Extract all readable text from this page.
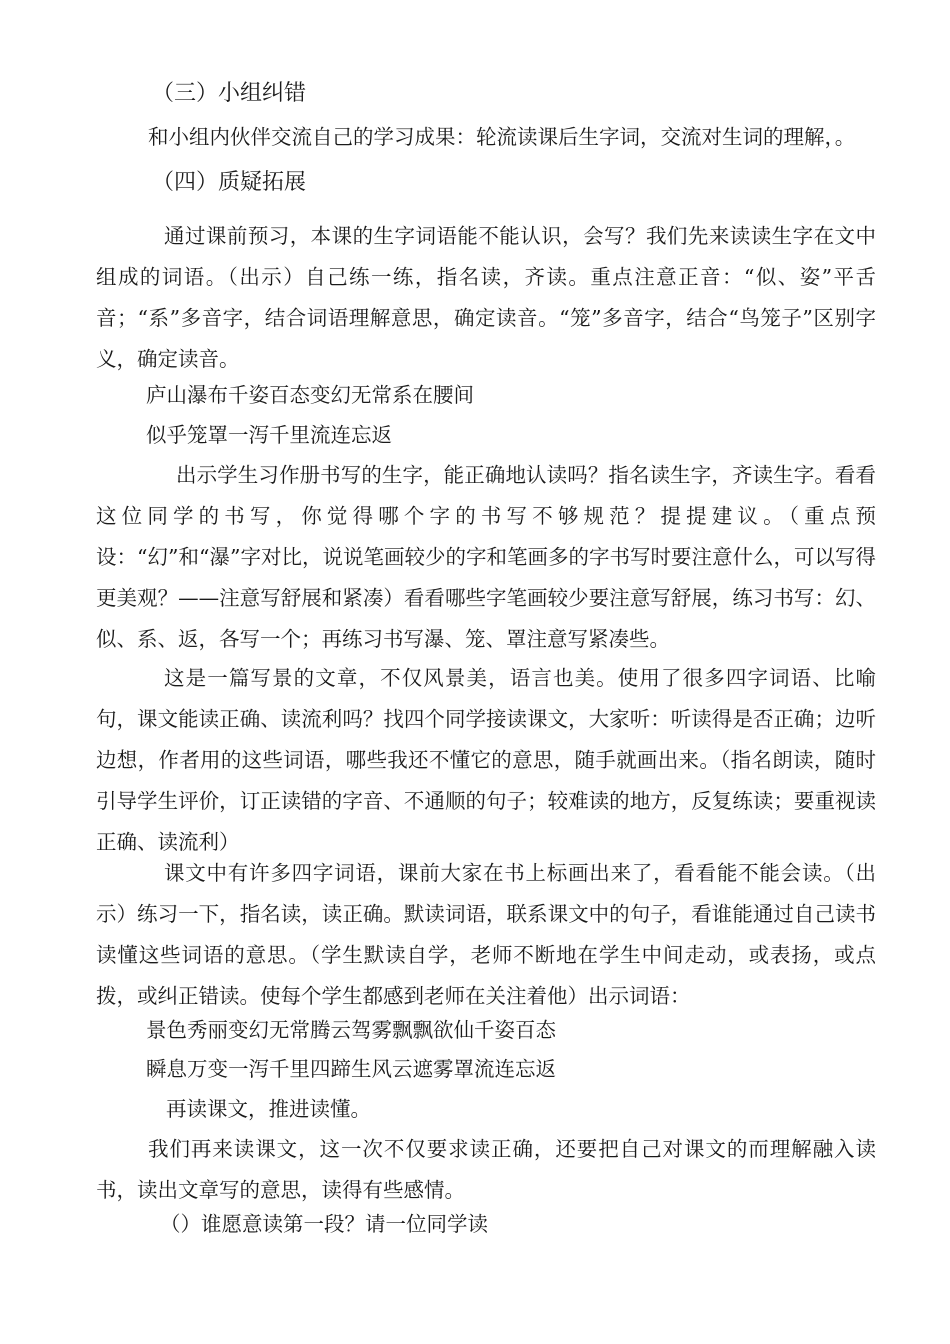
（三）小组纠错
和小组内伙伴交流自己的学习成果：轮流读课后生字词，交流对生词的理解，。
（四）质疑拓展
通过课前预习，本课的生字词语能不能认识，会写？我们先来读读生字在文中组成的词语。（出示）自己练一练，指名读，齐读。重点注意正音：“似、姿”平舌音；“系”多音字，结合词语理解意思，确定读音。“笼”多音字，结合“鸟笼子”区别字义，确定读音。
庐山瀑布千姿百态变幻无常系在腰间
似乎笼罩一泻千里流连忘返
出示学生习作册书写的生字，能正确地认读吗？指名读生字，齐读生字。看看这位同学的书写，你觉得哪个字的书写不够规范？提提建议。（重点预设：“幻”和“瀑”字对比，说说笔画较少的字和笔画多的字书写时要注意什么，可以写得更美观？——注意写舒展和紧凑）看看哪些字笔画较少要注意写舒展，练习书写：幻、似、系、返，各写一个；再练习书写瀑、笼、罩注意写紧凑些。
这是一篇写景的文章，不仅风景美，语言也美。使用了很多四字词语、比喻句，课文能读正确、读流利吗？找四个同学接读课文，大家听：听读得是否正确；边听边想，作者用的这些词语，哪些我还不懂它的意思，随手就画出来。（指名朗读，随时引导学生评价，订正读错的字音、不通顺的句子；较难读的地方，反复练读；要重视读正确、读流利）
课文中有许多四字词语，课前大家在书上标画出来了，看看能不能会读。（出示）练习一下，指名读，读正确。默读词语，联系课文中的句子，看谁能通过自己读书读懂这些词语的意思。（学生默读自学，老师不断地在学生中间走动，或表扬，或点拨，或纠正错读。使每个学生都感到老师在关注着他）出示词语：
景色秀丽变幻无常腾云驾雾飘飘欲仙千姿百态
瞬息万变一泻千里四蹄生风云遮雾罩流连忘返
再读课文，推进读懂。
我们再来读课文，这一次不仅要求读正确，还要把自己对课文的而理解融入读书，读出文章写的意思，读得有些感情。
（）谁愿意读第一段？请一位同学读
